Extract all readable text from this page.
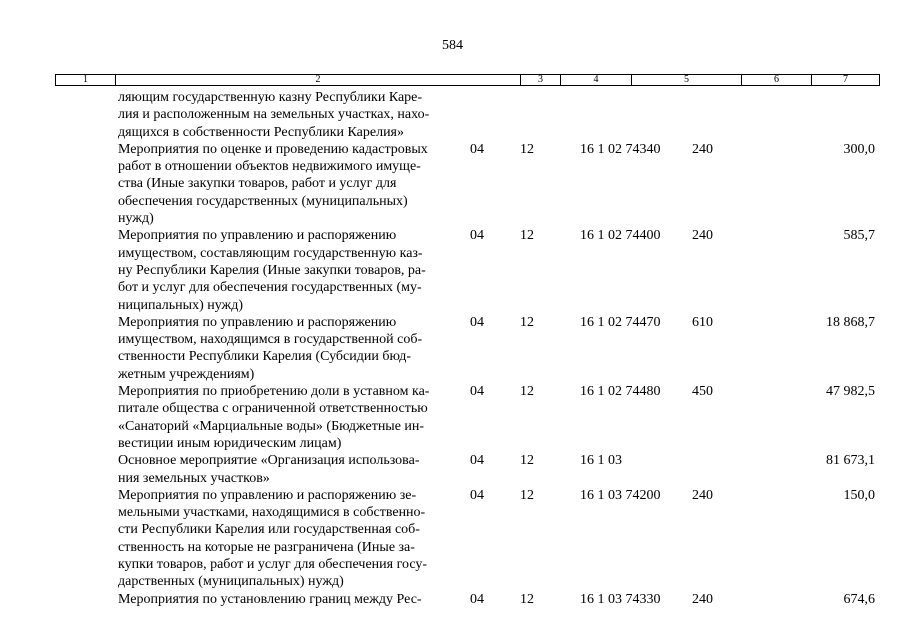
584
1	2	3	4	5	6	7
ляющим государственную казну Республики Каре-
лия и расположенным на земельных участках, нахо-
дящихся в собственности Республики Карелия»
Мероприятия по оценке и проведению кадастровых
работ в отношении объектов недвижимого имуще-
ства (Иные закупки товаров, работ и услуг для
обеспечения государственных (муниципальных)
нужд)
04	12	16 1 02 74340 240	300,0
Мероприятия по управлению и распоряжению
имуществом, составляющим государственную каз-
ну Республики Карелия (Иные закупки товаров, ра-
бот и услуг для обеспечения государственных (му-
ниципальных) нужд)
04	12	16 1 02 74400 240	585,7
Мероприятия по управлению и распоряжению
имуществом, находящимся в государственной соб-
ственности Республики Карелия (Субсидии бюд-
жетным учреждениям)
04	12	16 1 02 74470 610	18 868,7
Мероприятия по приобретению доли в уставном ка-
питале общества с ограниченной ответственностью
«Санаторий «Марциальные воды» (Бюджетные ин-
вестиции иным юридическим лицам)
04	12	16 1 02 74480 450	47 982,5
Основное мероприятие «Организация использова-
ния земельных участков»
04	12	16 1 03	81 673,1
Мероприятия по управлению и распоряжению зе-
мельными участками, находящимися в собственно-
сти Республики Карелия или государственная соб-
ственность на которые не разграничена (Иные за-
купки товаров, работ и услуг для обеспечения госу-
дарственных (муниципальных) нужд)
04	12	16 1 03 74200 240	150,0
Мероприятия по установлению границ между Рес-	04	12	16 1 03 74330 240	674,6
